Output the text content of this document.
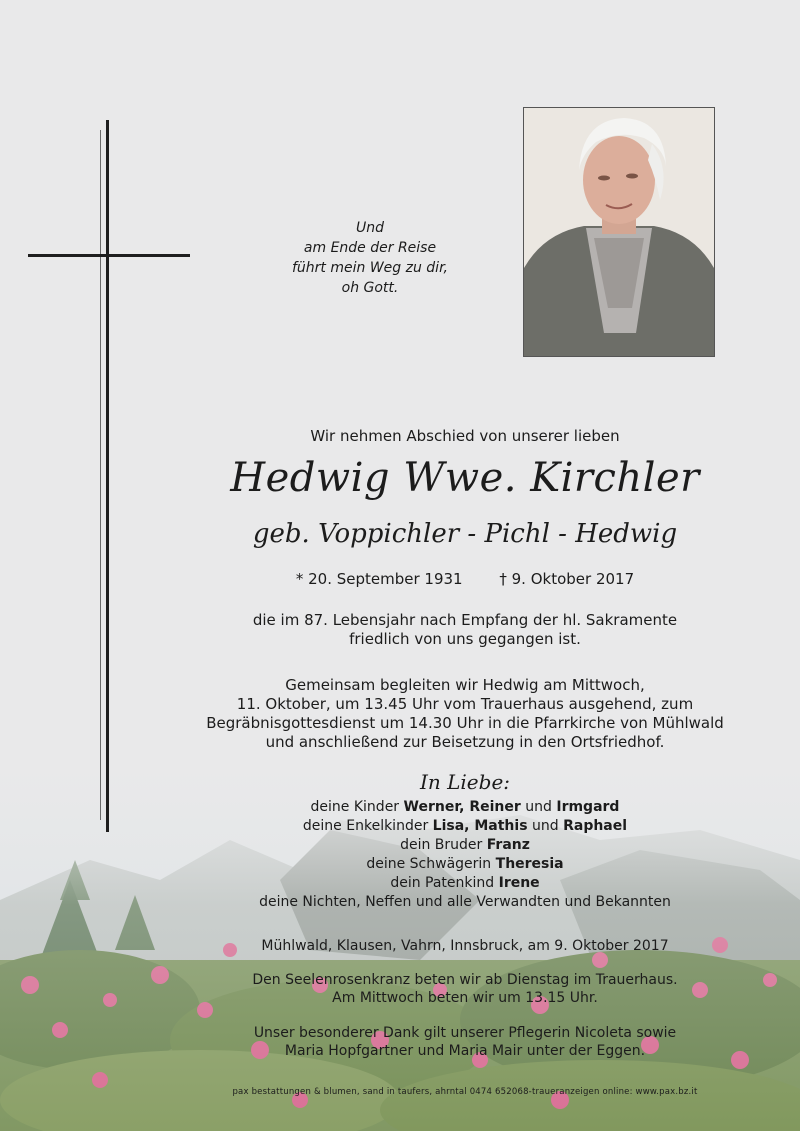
Und
am Ende der Reise
führt mein Weg zu dir,
oh Gott.
Wir nehmen Abschied von unserer lieben
Hedwig Wwe. Kirchler
geb. Voppichler - Pichl - Hedwig
* 20. September 1931 † 9. Oktober 2017
die im 87. Lebensjahr nach Empfang der hl. Sakramente
friedlich von uns gegangen ist.
Gemeinsam begleiten wir Hedwig am Mittwoch,
11. Oktober, um 13.45 Uhr vom Trauerhaus ausgehend, zum
Begräbnisgottesdienst um 14.30 Uhr in die Pfarrkirche von Mühlwald
und anschließend zur Beisetzung in den Ortsfriedhof.
In Liebe:
deine Kinder Werner, Reiner und Irmgard
deine Enkelkinder Lisa, Mathis und Raphael
dein Bruder Franz
deine Schwägerin Theresia
dein Patenkind Irene
deine Nichten, Neffen und alle Verwandten und Bekannten
Mühlwald, Klausen, Vahrn, Innsbruck, am 9. Oktober 2017
Den Seelenrosenkranz beten wir ab Dienstag im Trauerhaus.
Am Mittwoch beten wir um 13.15 Uhr.
Unser besonderer Dank gilt unserer Pflegerin Nicoleta sowie
Maria Hopfgartner und Maria Mair unter der Eggen.
pax bestattungen & blumen, sand in taufers, ahrntal 0474 652068-traueranzeigen online: www.pax.bz.it
